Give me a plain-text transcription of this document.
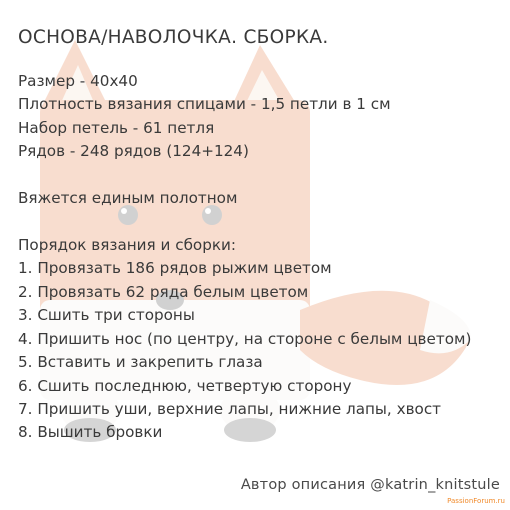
ОСНОВА/НАВОЛОЧКА. СБОРКА.
Размер - 40х40
Плотность вязания спицами - 1,5 петли в 1 см
Набор петель - 61 петля
Рядов - 248 рядов (124+124)
Вяжется единым полотном
Порядок вязания и сборки:
1. Провязать 186 рядов рыжим цветом
2. Провязать 62 ряда белым цветом
3. Сшить три стороны
4. Пришить нос (по центру, на стороне с белым цветом)
5. Вставить и закрепить глаза
6. Сшить последнюю, четвертую сторону
7. Пришить уши, верхние лапы, нижние лапы, хвост
8. Вышить бровки
Автор описания @katrin_knitstule
PassionForum.ru
